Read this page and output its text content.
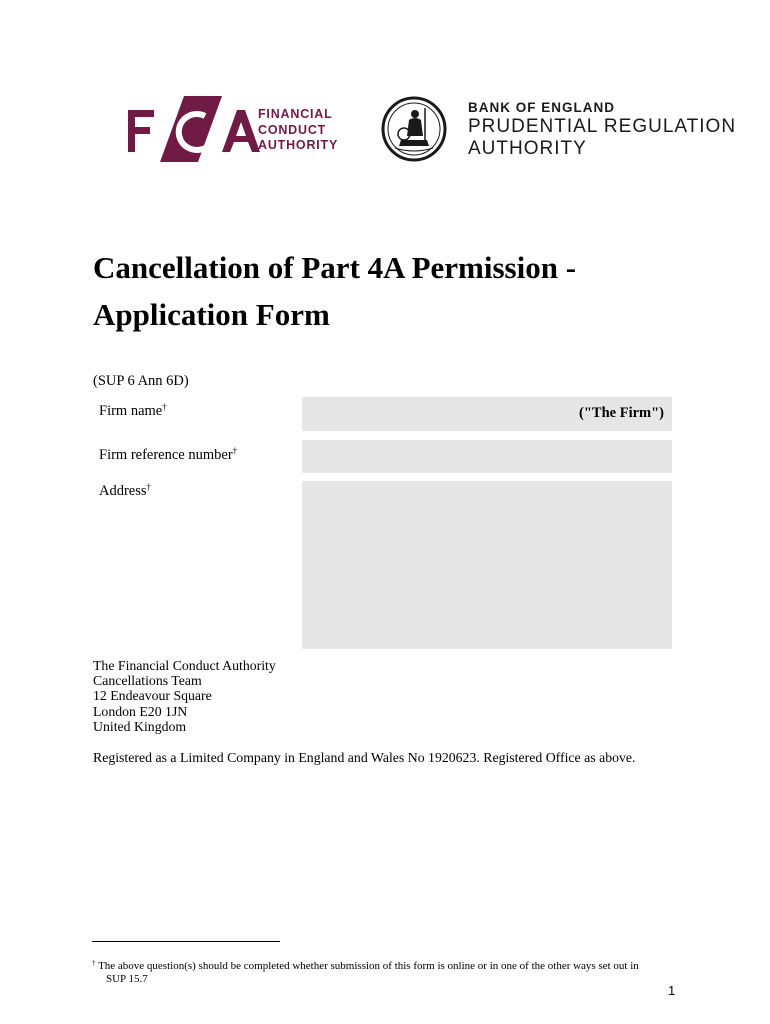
FINANCIAL
CONDUCT
AUTHORITY
BANK OF ENGLAND
PRUDENTIAL REGULATION
AUTHORITY
Cancellation of Part 4A Permission -
Application Form
(SUP 6 Ann 6D)
Firm name†	("The Firm")
Firm reference number†
Address†
The Financial Conduct Authority
Cancellations Team
12 Endeavour Square
London E20 1JN
United Kingdom
Registered as a Limited Company in England and Wales No 1920623. Registered Office as above.
† The above question(s) should be completed whether submission of this form is online or in one of the other ways set out in
SUP 15.7
1
